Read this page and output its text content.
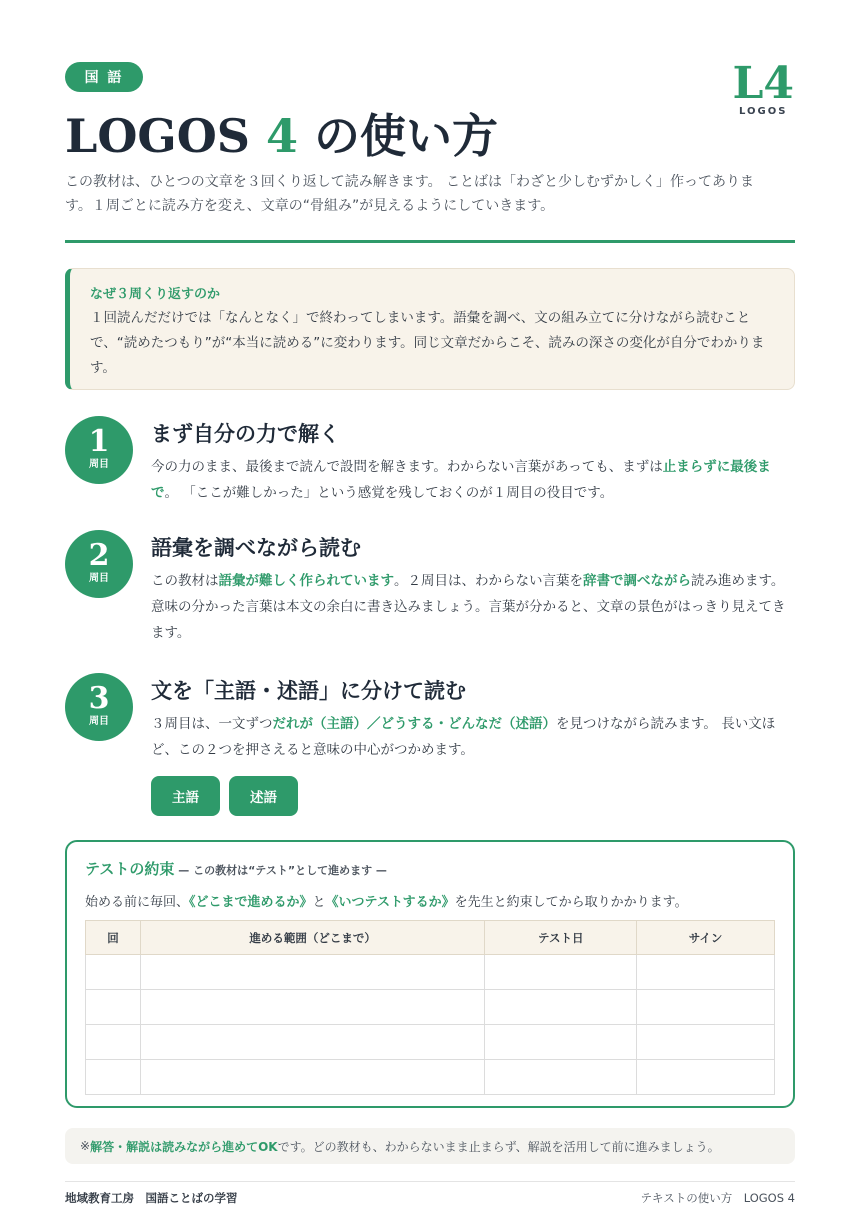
国 語	L4
LOGOS
LOGOS 4 の使い方

この教材は、ひとつの文章を３回くり返して読み解きます。 ことばは「わざと少しむずかしく」作ってあります。１周ごとに読み方を変え、文章の“骨組み”が見えるようにしていきます。

なぜ３周くり返すのか
１回読んだだけでは「なんとなく」で終わってしまいます。語彙を調べ、文の組み立てに分けながら読むことで、“読めたつもり”が“本当に読める”に変わります。同じ文章だからこそ、読みの深さの変化が自分でわかります。
1
周目
まず自分の力で解く
今の力のまま、最後まで読んで設問を解きます。わからない言葉があっても、まずは止まらずに最後まで。 「ここが難しかった」という感覚を残しておくのが１周目の役目です。
2
周目
語彙を調べながら読む
この教材は語彙が難しく作られています。２周目は、わからない言葉を辞書で調べながら読み進めます。 意味の分かった言葉は本文の余白に書き込みましょう。言葉が分かると、文章の景色がはっきり見えてきます。
3
周目
文を「主語・述語」に分けて読む
３周目は、一文ずつだれが（主語）／どうする・どんなだ（述語）を見つけながら読みます。 長い文ほど、この２つを押さえると意味の中心がつかめます。
主語	述語
テストの約束 — この教材は“テスト”として進めます —
始める前に毎回、《どこまで進めるか》と《いつテストするか》を先生と約束してから取りかかります。
回	進める範囲（どこまで）	テスト日	サイン

※ 解答・解説は読みながら進めてOK です。どの教材も、わからないまま止まらず、解説を活用して前に進みましょう。
地域教育工房　国語ことばの学習	テキストの使い方　LOGOS 4
